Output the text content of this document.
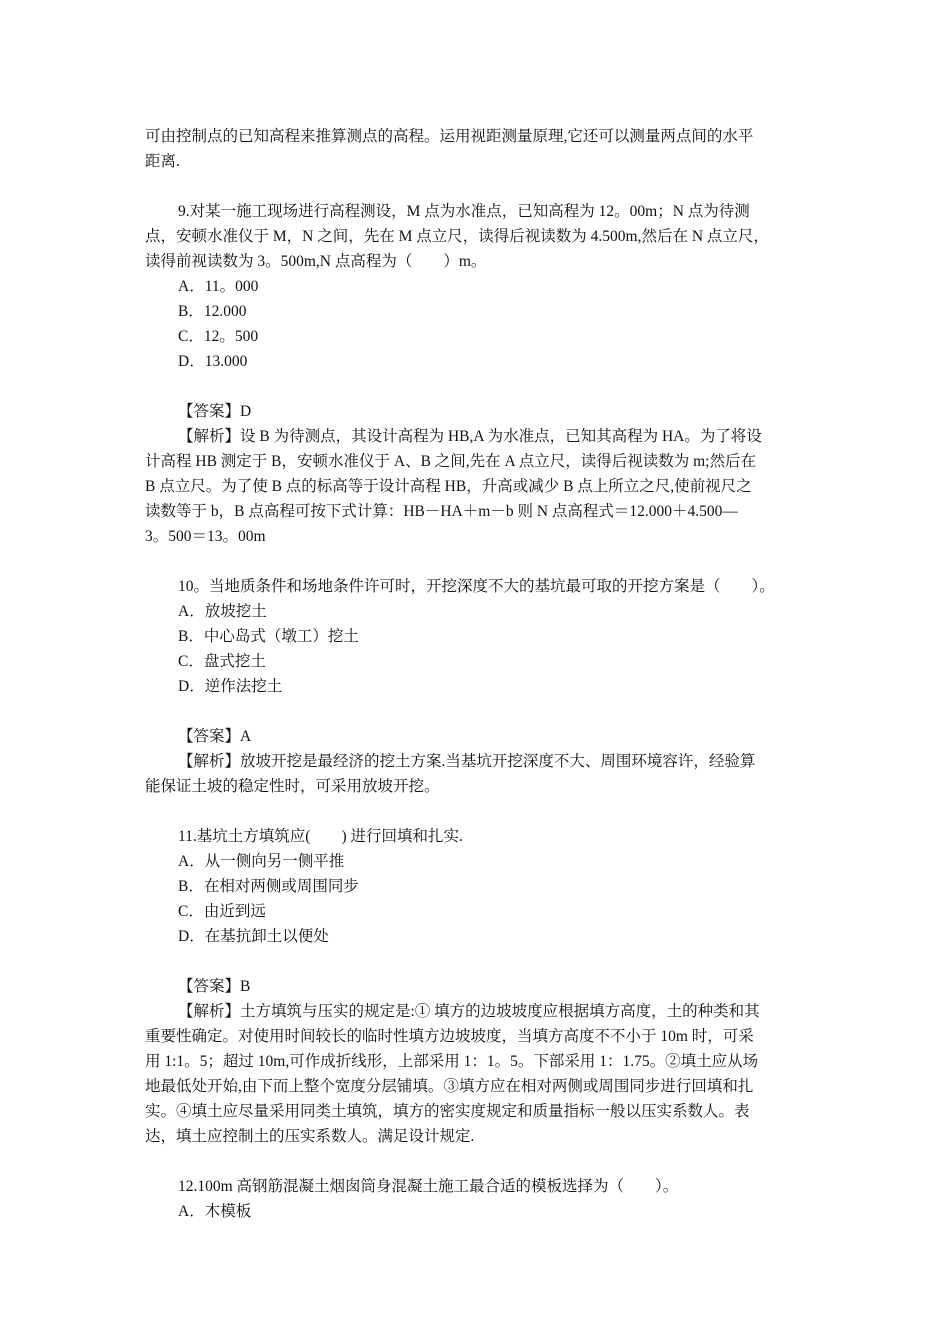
可由控制点的已知高程来推算测点的高程。运用视距测量原理,它还可以测量两点间的水平

距离.

9.对某一施工现场进行高程测设，M 点为水准点，已知高程为 12。00m；N 点为待测

点，安顿水准仪于 M，N 之间，先在 M 点立尺，读得后视读数为 4.500m,然后在 N 点立尺，

读得前视读数为 3。500m,N 点高程为（　　）m。

A．11。000

B．12.000

C．12。500

D．13.000

【答案】D

【解析】设 B 为待测点，其设计高程为 HB,A 为水准点，已知其高程为 HA。为了将设

计高程 HB 测定于 B，安顿水准仪于 A、B 之间,先在 A 点立尺，读得后视读数为 m;然后在

B 点立尺。为了使 B 点的标高等于设计高程 HB，升高或减少 B 点上所立之尺,使前视尺之

读数等于 b，B 点高程可按下式计算：HB－HA＋m－b 则 N 点高程式＝12.000＋4.500—

3。500＝13。00m

10。当地质条件和场地条件许可时，开挖深度不大的基坑最可取的开挖方案是（　　）。

A．放坡挖土

B．中心岛式（墩工）挖土

C．盘式挖土

D．逆作法挖土

【答案】A

【解析】放坡开挖是最经济的挖土方案.当基坑开挖深度不大、周围环境容许，经验算

能保证土坡的稳定性时，可采用放坡开挖。

11.基坑土方填筑应(　　) 进行回填和扎实.

A．从一侧向另一侧平推

B．在相对两侧或周围同步

C．由近到远

D．在基抗卸土以便处

【答案】B

【解析】土方填筑与压实的规定是:① 填方的边坡坡度应根据填方高度，土的种类和其

重要性确定。对使用时间较长的临时性填方边坡坡度，当填方高度不不小于 10m 时，可采

用 1:1。5；超过 10m,可作成折线形，上部采用 1：1。5。下部采用 1：1.75。②填土应从场

地最低处开始,由下而上整个宽度分层铺填。③填方应在相对两侧或周围同步进行回填和扎

实。④填土应尽量采用同类土填筑，填方的密实度规定和质量指标一般以压实系数人。表

达，填土应控制土的压实系数人。满足设计规定.

12.100m 高钢筋混凝土烟囱筒身混凝土施工最合适的模板选择为（　　）。

A．木模板
